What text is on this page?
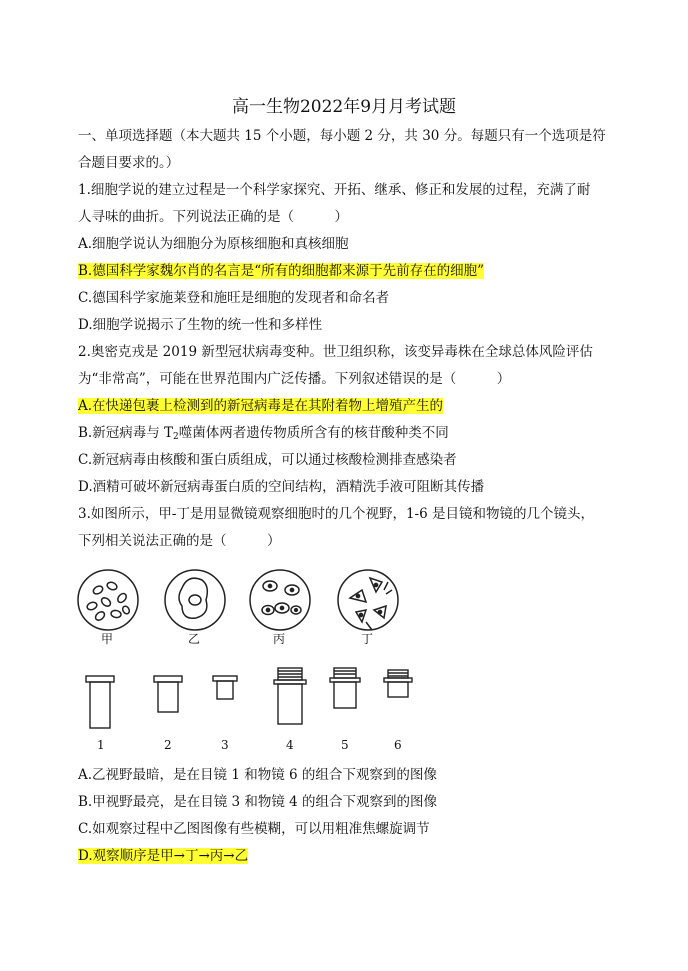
高一生物2022年9月月考试题
一、单项选择题（本大题共 15 个小题，每小题 2 分，共 30 分。每题只有一个选项是符
合题目要求的。）
1.细胞学说的建立过程是一个科学家探究、开拓、继承、修正和发展的过程，充满了耐
人寻味的曲折。下列说法正确的是（　　　）
A.细胞学说认为细胞分为原核细胞和真核细胞
B.德国科学家魏尔肖的名言是“所有的细胞都来源于先前存在的细胞”
C.德国科学家施莱登和施旺是细胞的发现者和命名者
D.细胞学说揭示了生物的统一性和多样性
2.奥密克戎是 2019 新型冠状病毒变种。世卫组织称，该变异毒株在全球总体风险评估
为“非常高”，可能在世界范围内广泛传播。下列叙述错误的是（　　　）
A.在快递包裹上检测到的新冠病毒是在其附着物上增殖产生的
B.新冠病毒与 $T_2$噬菌体两者遗传物质所含有的核苷酸种类不同
C.新冠病毒由核酸和蛋白质组成，可以通过核酸检测排查感染者
D.酒精可破坏新冠病毒蛋白质的空间结构，酒精洗手液可阻断其传播
3.如图所示，甲-丁是用显微镜观察细胞时的几个视野，1-6 是目镜和物镜的几个镜头，
下列相关说法正确的是（　　　）
甲	乙	丙	丁
1	2	3	4	5	6
A.乙视野最暗，是在目镜 1 和物镜 6 的组合下观察到的图像
B.甲视野最亮，是在目镜 3 和物镜 4 的组合下观察到的图像
C.如观察过程中乙图图像有些模糊，可以用粗准焦螺旋调节
D.观察顺序是甲→丁→丙→乙
